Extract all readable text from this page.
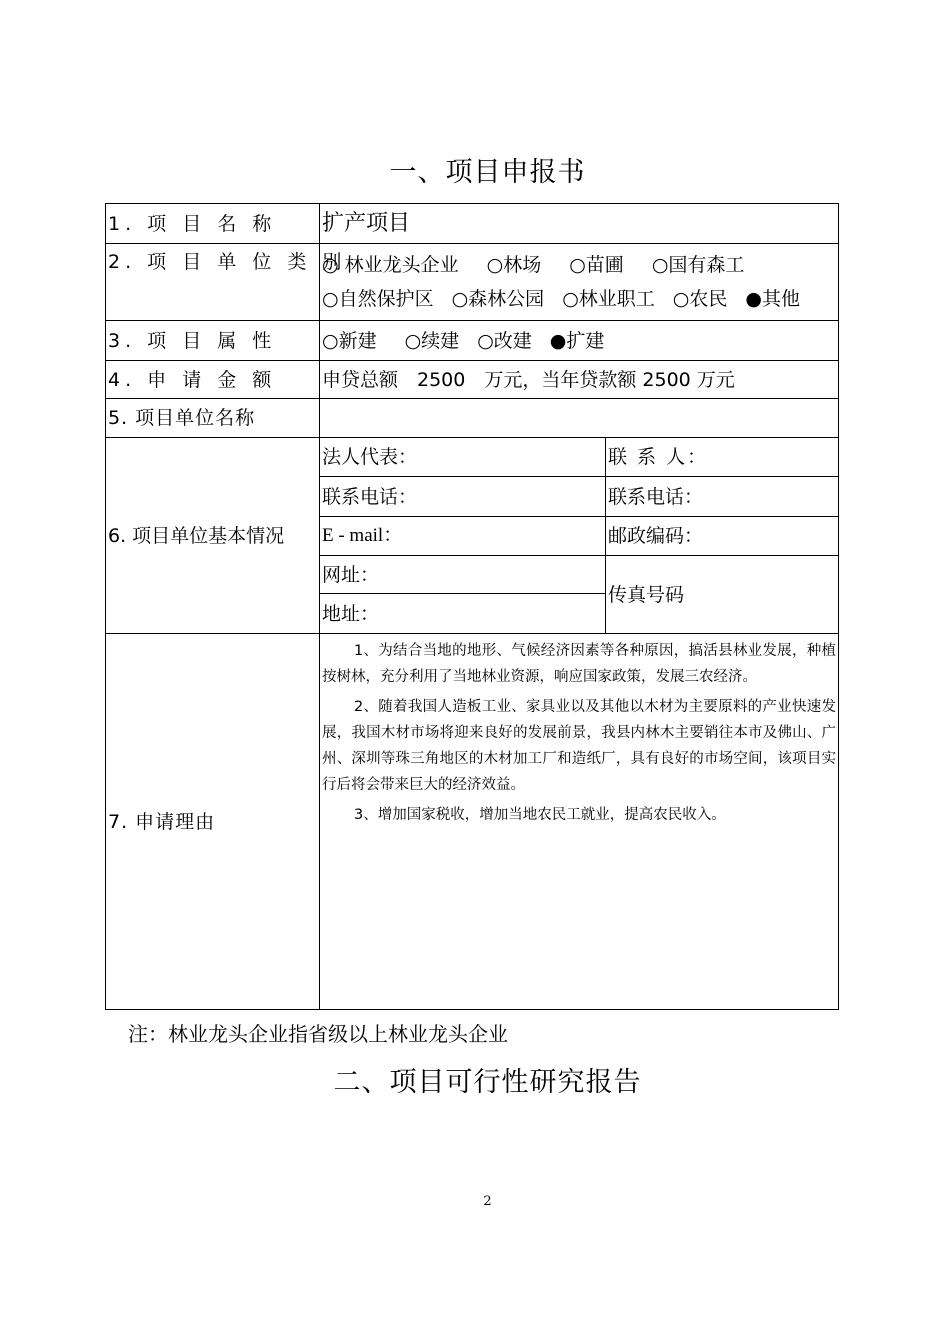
一、项目申报书
1. 项 目 名 称	扩产项目	
2. 项 目 单 位 类 别	○ 林业龙头企业 ○林场 ○苗圃 ○国有森工○自然保护区 ○森林公园 ○林业职工 ○农民 ●其他	
3. 项 目 属 性	○新建 ○续建 ○改建 ●扩建	
4. 申 请 金 额	申贷总额　2500　万元，当年贷款额 2500 万元	
5. 项目单位名称		
6. 项目单位基本情况	法人代表：	联 系 人：
	联系电话：	联系电话：
	E - mail：	邮政编码：
	网址：	传真号码
	地址：	
7. 申请理由	1、为结合当地的地形、气候经济因素等各种原因，搞活县林业发展，种植按树林，充分利用了当地林业资源，响应国家政策，发展三农经济。

2、随着我国人造板工业、家具业以及其他以木材为主要原料的产业快速发展，我国木材市场将迎来良好的发展前景，我县内林木主要销往本市及佛山、广州、深圳等珠三角地区的木材加工厂和造纸厂，具有良好的市场空间，该项目实行后将会带来巨大的经济效益。

3、增加国家税收，增加当地农民工就业，提高农民收入。	

注：林业龙头企业指省级以上林业龙头企业
二、项目可行性研究报告
2
